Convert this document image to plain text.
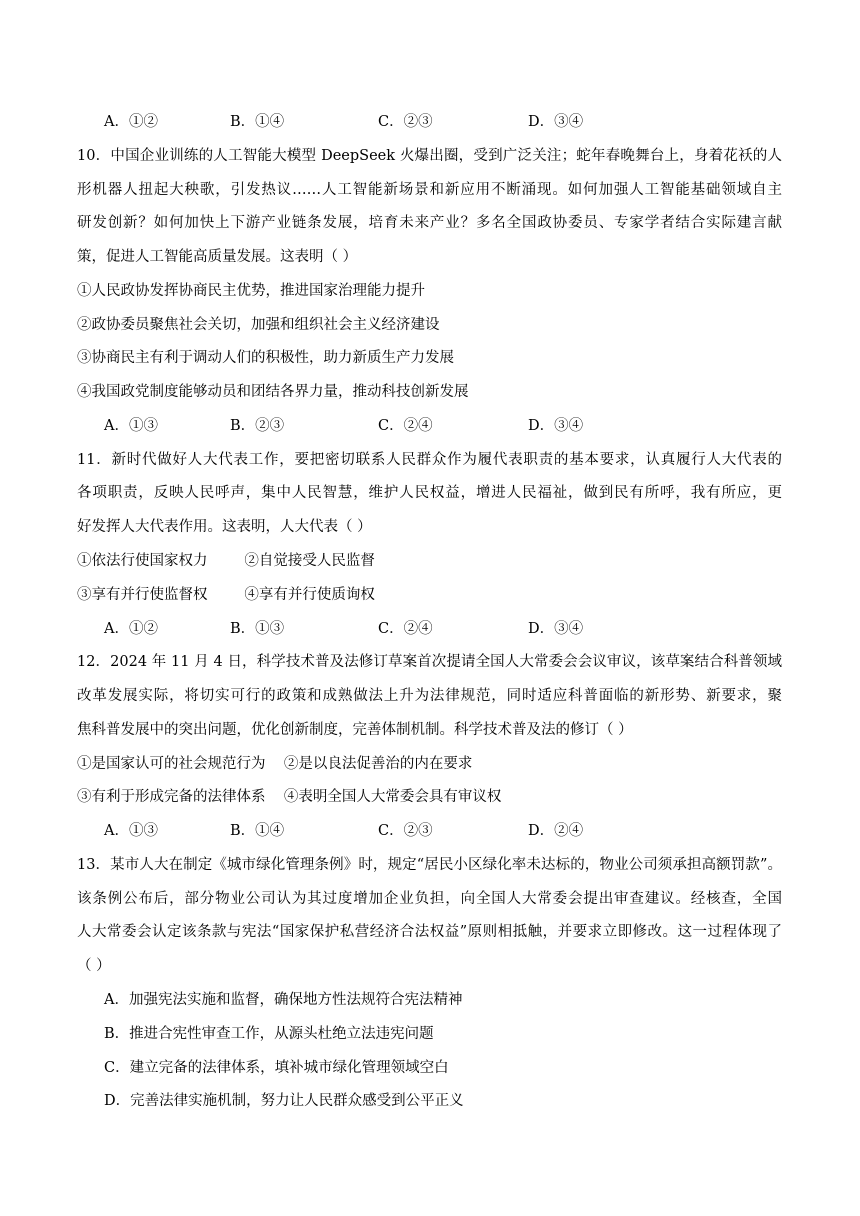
A．①②	B．①④	C．②③	D．③④
10．中国企业训练的人工智能大模型 DeepSeek 火爆出圈，受到广泛关注；蛇年春晚舞台上，身着花袄的人
形机器人扭起大秧歌，引发热议……人工智能新场景和新应用不断涌现。如何加强人工智能基础领域自主
研发创新？如何加快上下游产业链条发展，培育未来产业？多名全国政协委员、专家学者结合实际建言献
策，促进人工智能高质量发展。这表明（ ）
①人民政协发挥协商民主优势，推进国家治理能力提升
②政协委员聚焦社会关切，加强和组织社会主义经济建设
③协商民主有利于调动人们的积极性，助力新质生产力发展
④我国政党制度能够动员和团结各界力量，推动科技创新发展
A．①③	B．②③	C．②④	D．③④
11．新时代做好人大代表工作，要把密切联系人民群众作为履代表职责的基本要求，认真履行人大代表的
各项职责，反映人民呼声，集中人民智慧，维护人民权益，增进人民福祉，做到民有所呼，我有所应，更
好发挥人大代表作用。这表明，人大代表（ ）
①依法行使国家权力        ②自觉接受人民监督
③享有并行使监督权        ④享有并行使质询权
A．①②	B．①③	C．②④	D．③④
12．2024 年 11 月 4 日，科学技术普及法修订草案首次提请全国人大常委会会议审议，该草案结合科普领域
改革发展实际，将切实可行的政策和成熟做法上升为法律规范，同时适应科普面临的新形势、新要求，聚
焦科普发展中的突出问题，优化创新制度，完善体制机制。科学技术普及法的修订（ ）
①是国家认可的社会规范行为    ②是以良法促善治的内在要求
③有利于形成完备的法律体系    ④表明全国人大常委会具有审议权
A．①③	B．①④	C．②③	D．②④
13．某市人大在制定《城市绿化管理条例》时，规定“居民小区绿化率未达标的，物业公司须承担高额罚款”。
该条例公布后，部分物业公司认为其过度增加企业负担，向全国人大常委会提出审查建议。经核查，全国
人大常委会认定该条款与宪法“国家保护私营经济合法权益”原则相抵触，并要求立即修改。这一过程体现了
（ ）
A．加强宪法实施和监督，确保地方性法规符合宪法精神
B．推进合宪性审查工作，从源头杜绝立法违宪问题
C．建立完备的法律体系，填补城市绿化管理领域空白
D．完善法律实施机制，努力让人民群众感受到公平正义
